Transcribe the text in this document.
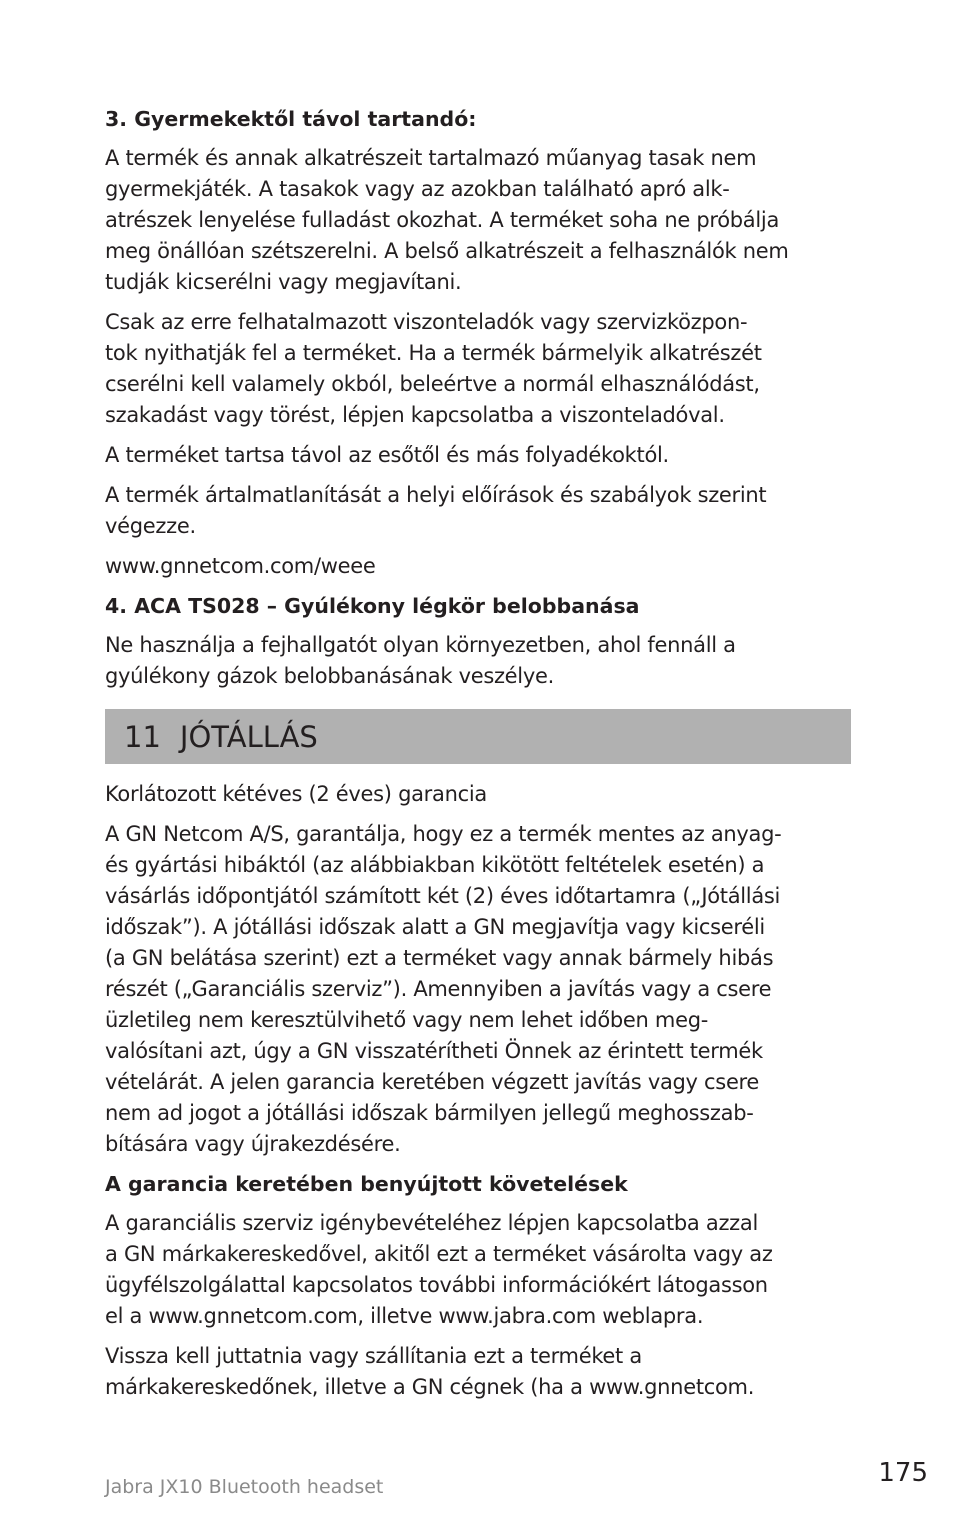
3. Gyermekektől távol tartandó:
A termék és annak alkatrészeit tartalmazó műanyag tasak nem
gyermekjáték. A tasakok vagy az azokban található apró alk-
atrészek lenyelése fulladást okozhat. A terméket soha ne próbálja
meg önállóan szétszerelni. A belső alkatrészeit a felhasználók nem
tudják kicserélni vagy megjavítani.
Csak az erre felhatalmazott viszonteladók vagy szervizközpon-
tok nyithatják fel a terméket. Ha a termék bármelyik alkatrészét
cserélni kell valamely okból, beleértve a normál elhasználódást,
szakadást vagy törést, lépjen kapcsolatba a viszonteladóval.
A terméket tartsa távol az esőtől és más folyadékoktól.
A termék ártalmatlanítását a helyi előírások és szabályok szerint
végezze.
www.gnnetcom.com/weee
4. ACA TS028 – Gyúlékony légkör belobbanása
Ne használja a fejhallgatót olyan környezetben, ahol fennáll a
gyúlékony gázok belobbanásának veszélye.
11 JÓTÁLLÁS
Korlátozott kétéves (2 éves) garancia
A GN Netcom A/S, garantálja, hogy ez a termék mentes az anyag-
és gyártási hibáktól (az alábbiakban kikötött feltételek esetén) a
vásárlás időpontjától számított két (2) éves időtartamra („Jótállási
időszak”). A jótállási időszak alatt a GN megjavítja vagy kicseréli
(a GN belátása szerint) ezt a terméket vagy annak bármely hibás
részét („Garanciális szerviz”). Amennyiben a javítás vagy a csere
üzletileg nem keresztülvihető vagy nem lehet időben meg-
valósítani azt, úgy a GN visszatérítheti Önnek az érintett termék
vételárát. A jelen garancia keretében végzett javítás vagy csere
nem ad jogot a jótállási időszak bármilyen jellegű meghosszab-
bítására vagy újrakezdésére.
A garancia keretében benyújtott követelések
A garanciális szerviz igénybevételéhez lépjen kapcsolatba azzal
a GN márkakereskedővel, akitől ezt a terméket vásárolta vagy az
ügyfélszolgálattal kapcsolatos további információkért látogasson
el a www.gnnetcom.com, illetve www.jabra.com weblapra.
Vissza kell juttatnia vagy szállítania ezt a terméket a
márkakereskedőnek, illetve a GN cégnek (ha a www.gnnetcom.
Jabra JX10 Bluetooth headset	175
